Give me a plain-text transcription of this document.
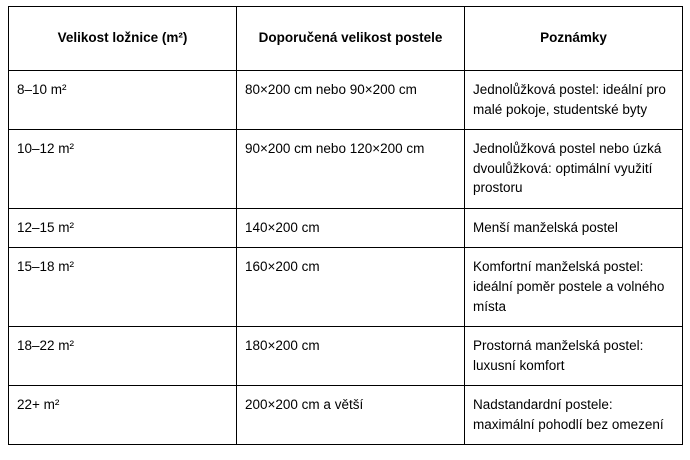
Velikost ložnice (m²)	Doporučená velikost postele	Poznámky

8–10 m²	80×200 cm nebo 90×200 cm	Jednolůžková postel: ideální pro malé pokoje, studentské byty

10–12 m²	90×200 cm nebo 120×200 cm	Jednolůžková postel nebo úzká dvoulůžková: optimální využití prostoru

12–15 m²	140×200 cm	Menší manželská postel

15–18 m²	160×200 cm	Komfortní manželská postel: ideální poměr postele a volného místa

18–22 m²	180×200 cm	Prostorná manželská postel: luxusní komfort

22+ m²	200×200 cm a větší	Nadstandardní postele: maximální pohodlí bez omezení
